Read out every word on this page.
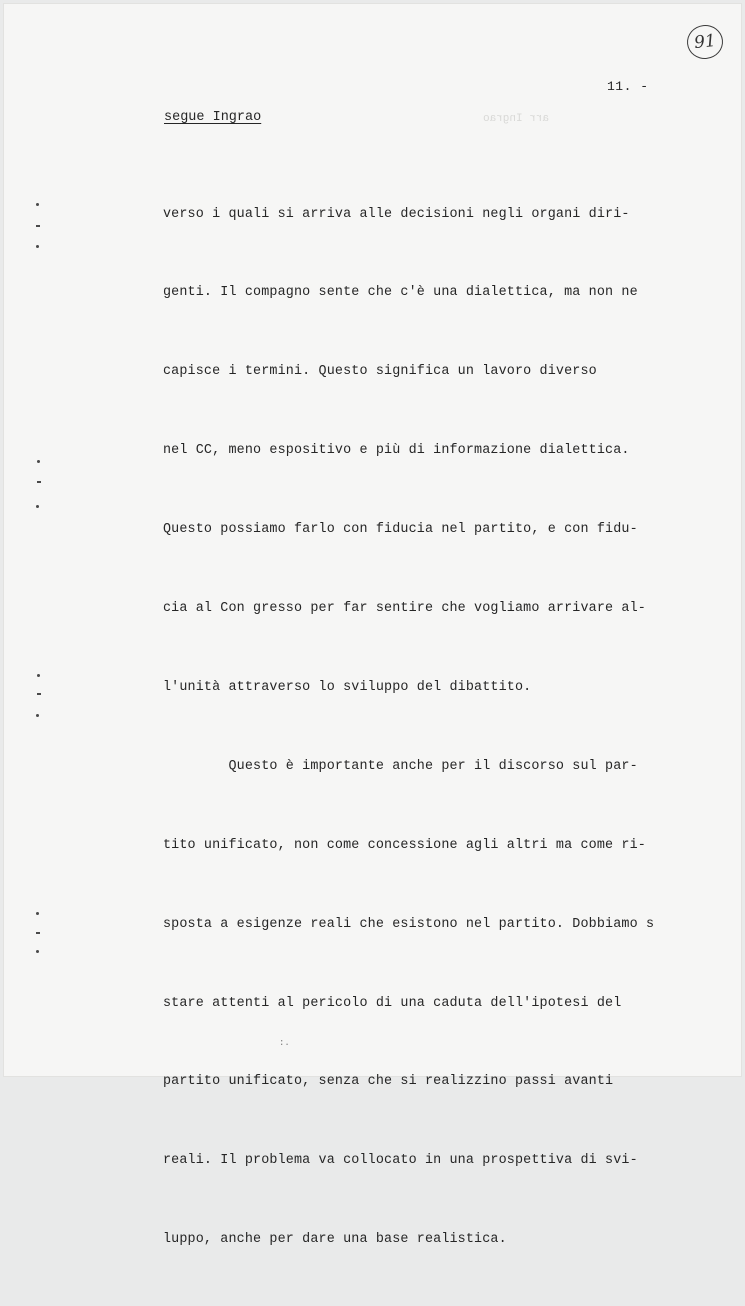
91
11. -
segue Ingrao	arr Ingrao

verso i quali si arriva alle decisioni negli organi diri-

genti. Il compagno sente che c'è una dialettica, ma non ne

capisce i termini. Questo significa un lavoro diverso

nel CC, meno espositivo e più di informazione dialettica.

Questo possiamo farlo con fiducia nel partito, e con fidu-

cia al Con gresso per far sentire che vogliamo arrivare al-

l'unità attraverso lo sviluppo del dibattito.

Questo è importante anche per il discorso sul par-

tito unificato, non come concessione agli altri ma come ri-

sposta a esigenze reali che esistono nel partito. Dobbiamo s

stare attenti al pericolo di una caduta dell'ipotesi del

partito unificato, senza che si realizzino passi avanti

reali. Il problema va collocato in una prospettiva di svi-

luppo, anche per dare una base realistica.

:.
